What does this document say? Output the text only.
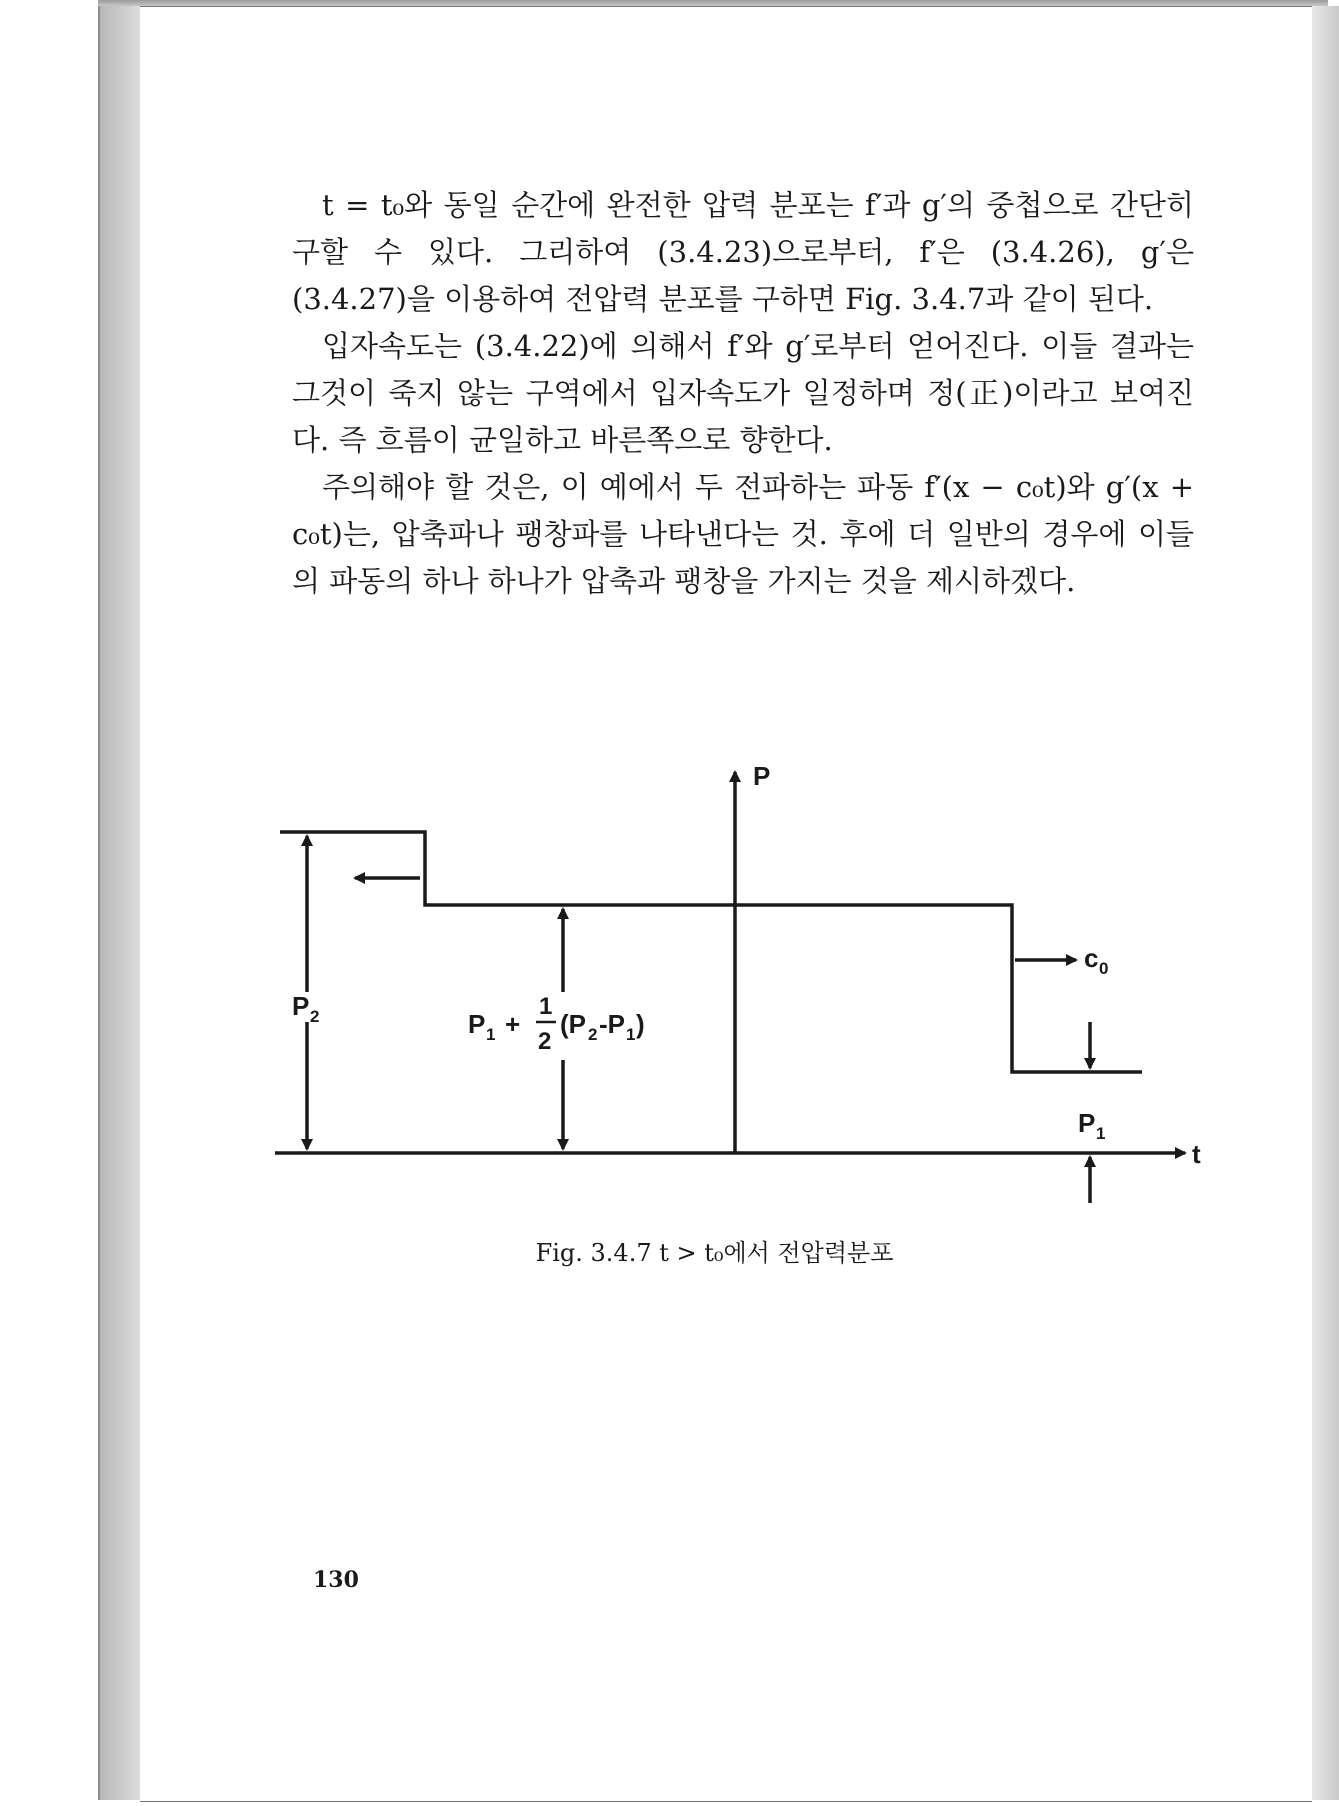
t = t₀와 동일 순간에 완전한 압력 분포는 f′과 g′의 중첩으로 간단히 구할 수 있다. 그리하여 (3.4.23)으로부터, f′은 (3.4.26), g′은 (3.4.27)을 이용하여 전압력 분포를 구하면 Fig. 3.4.7과 같이 된다.

입자속도는 (3.4.22)에 의해서 f′와 g′로부터 얻어진다. 이들 결과는 그것이 죽지 않는 구역에서 입자속도가 일정하며 정(正)이라고 보여진다. 즉 흐름이 균일하고 바른쪽으로 향한다.

주의해야 할 것은, 이 예에서 두 전파하는 파동 f′(x − c₀t)와 g′(x + c₀t)는, 압축파나 팽창파를 나타낸다는 것. 후에 더 일반의 경우에 이들의 파동의 하나 하나가 압축과 팽창을 가지는 것을 제시하겠다.

P
t
P 2
c 0
P 1
P 1 +
1
2
(P 2 -P 1 )
Fig. 3.4.7 t > t₀에서 전압력분포
130
